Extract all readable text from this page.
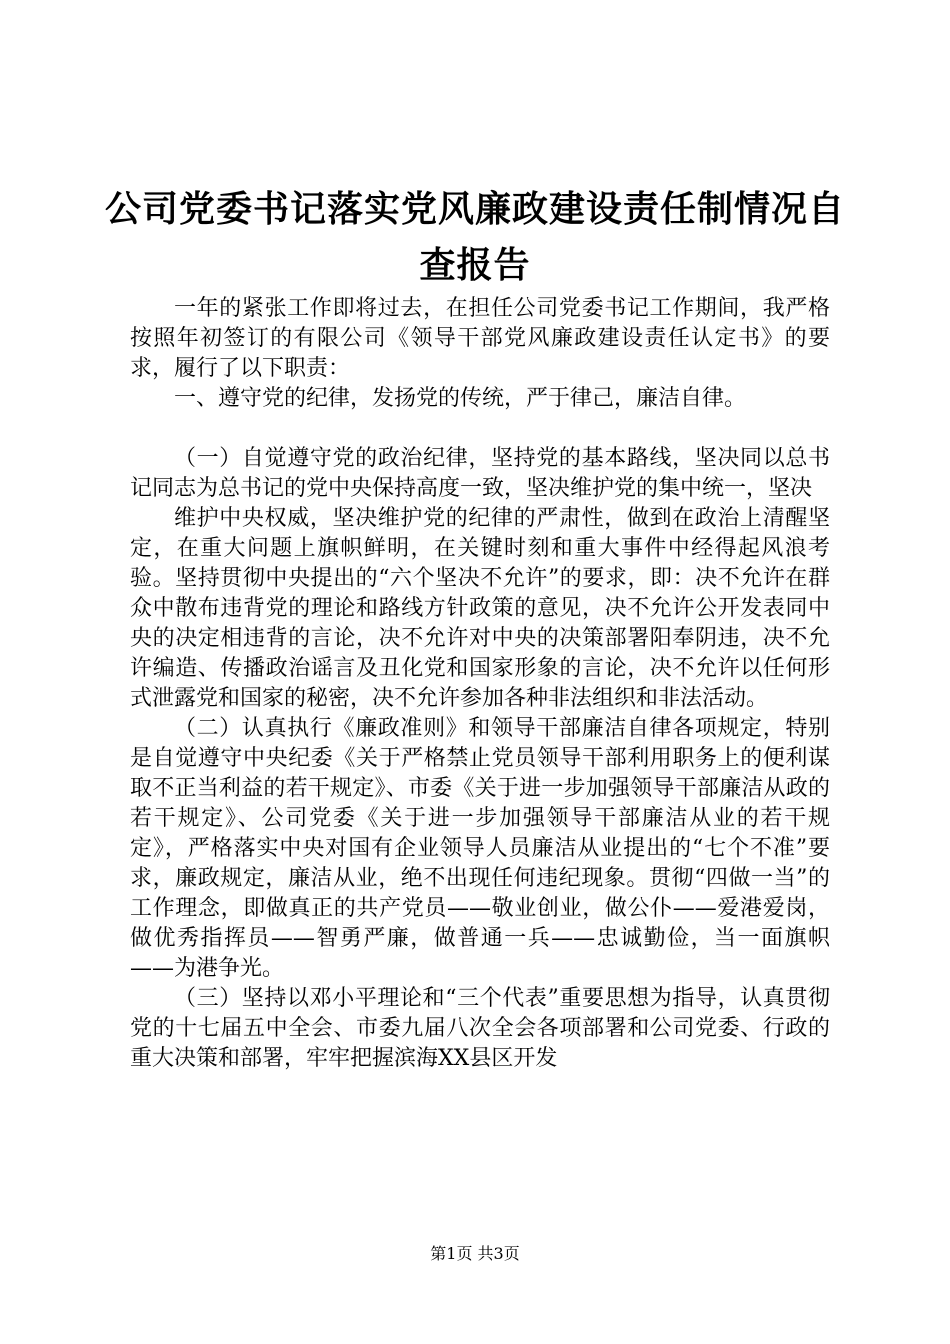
公司党委书记落实党风廉政建设责任制情况自查报告

一年的紧张工作即将过去，在担任公司党委书记工作期间，我严格按照年初签订的有限公司《领导干部党风廉政建设责任认定书》的要求，履行了以下职责：

一、遵守党的纪律，发扬党的传统，严于律己，廉洁自律。

（一）自觉遵守党的政治纪律，坚持党的基本路线，坚决同以总书记同志为总书记的党中央保持高度一致，坚决维护党的集中统一，坚决

维护中央权威，坚决维护党的纪律的严肃性，做到在政治上清醒坚定，在重大问题上旗帜鲜明，在关键时刻和重大事件中经得起风浪考验。坚持贯彻中央提出的“六个坚决不允许”的要求，即：决不允许在群众中散布违背党的理论和路线方针政策的意见，决不允许公开发表同中央的决定相违背的言论，决不允许对中央的决策部署阳奉阴违，决不允许编造、传播政治谣言及丑化党和国家形象的言论，决不允许以任何形式泄露党和国家的秘密，决不允许参加各种非法组织和非法活动。

（二）认真执行《廉政准则》和领导干部廉洁自律各项规定，特别是自觉遵守中央纪委《关于严格禁止党员领导干部利用职务上的便利谋取不正当利益的若干规定》、市委《关于进一步加强领导干部廉洁从政的若干规定》、公司党委《关于进一步加强领导干部廉洁从业的若干规定》，严格落实中央对国有企业领导人员廉洁从业提出的“七个不准”要求，廉政规定，廉洁从业，绝不出现任何违纪现象。贯彻“四做一当”的工作理念，即做真正的共产党员——敬业创业，做公仆——爱港爱岗，做优秀指挥员——智勇严廉，做普通一兵——忠诚勤俭，当一面旗帜——为港争光。

（三）坚持以邓小平理论和“三个代表”重要思想为指导，认真贯彻党的十七届五中全会、市委九届八次全会各项部署和公司党委、行政的重大决策和部署，牢牢把握滨海XX县区开发

第1页 共3页
